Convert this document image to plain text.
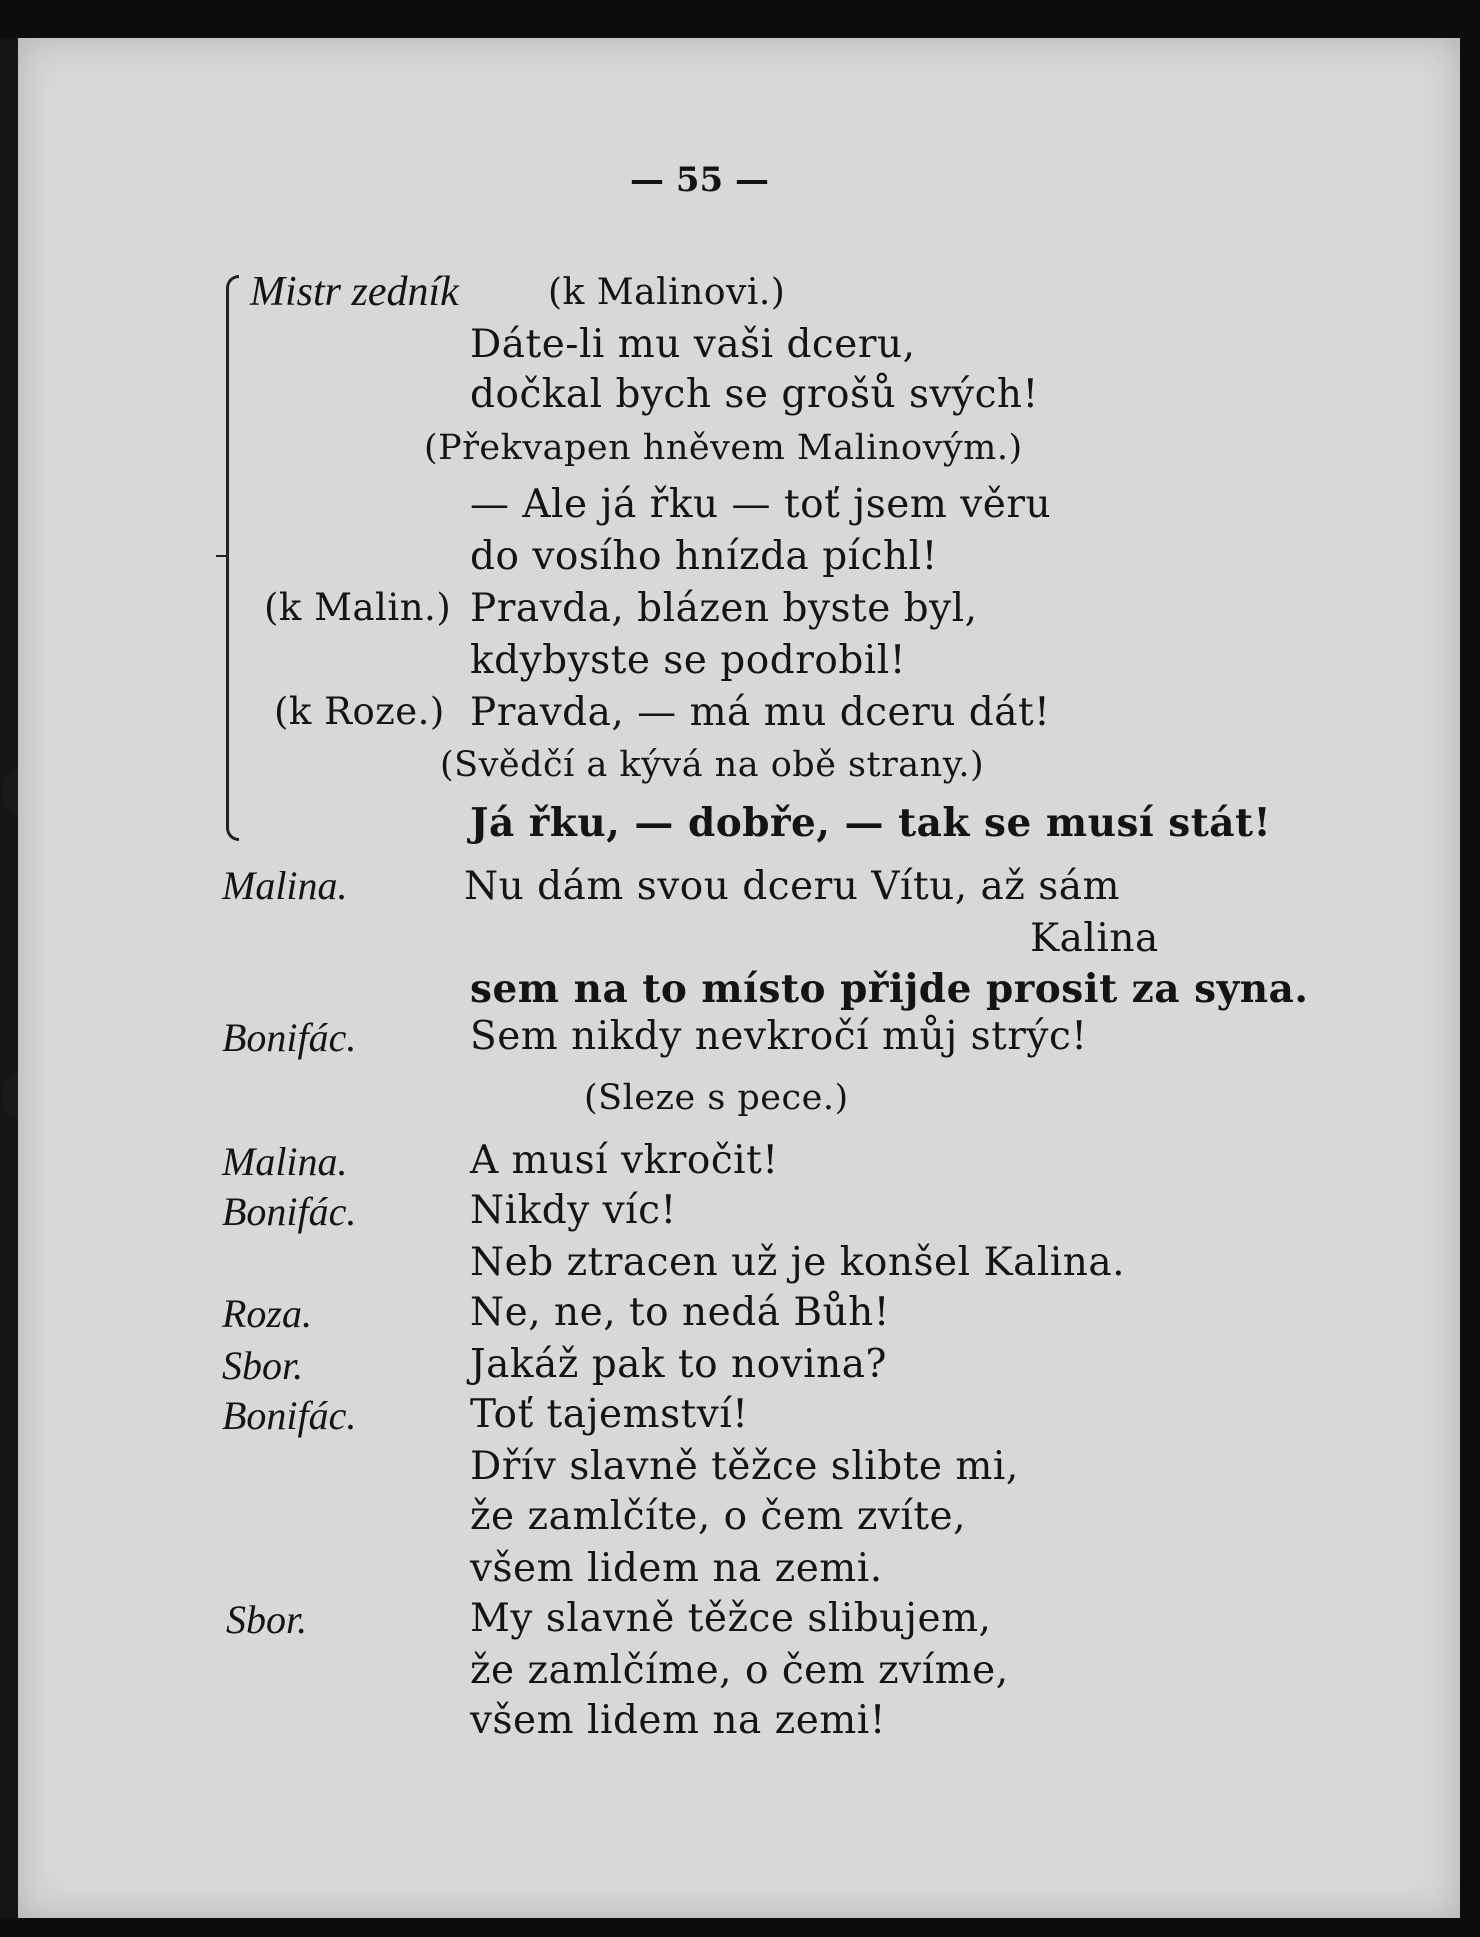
— 55 —
Mistr zedník (k Malinovi.)
Dáte-li mu vaši dceru,
dočkal bych se grošů svých!
(Překvapen hněvem Malinovým.)
— Ale já řku — toť jsem věru
do vosího hnízda píchl!
(k Malin.) Pravda, blázen byste byl,
kdybyste se podrobil!
(k Roze.) Pravda, — má mu dceru dát!
(Svědčí a kývá na obě strany.)
Já řku, — dobře, — tak se musí stát!
Malina.	Nu dám svou dceru Vítu, až sám
Kalina
sem na to místo přijde prosit za syna.
Bonifác.	Sem nikdy nevkročí můj strýc!
(Sleze s pece.)
Malina.	A musí vkročit!
Bonifác.	Nikdy víc!
Neb ztracen už je konšel Kalina.
Roza.	Ne, ne, to nedá Bůh!
Sbor.	Jakáž pak to novina?
Bonifác.	Toť tajemství!
Dřív slavně těžce slibte mi,
že zamlčíte, o čem zvíte,
všem lidem na zemi.
Sbor.	My slavně těžce slibujem,
že zamlčíme, o čem zvíme,
všem lidem na zemi!
